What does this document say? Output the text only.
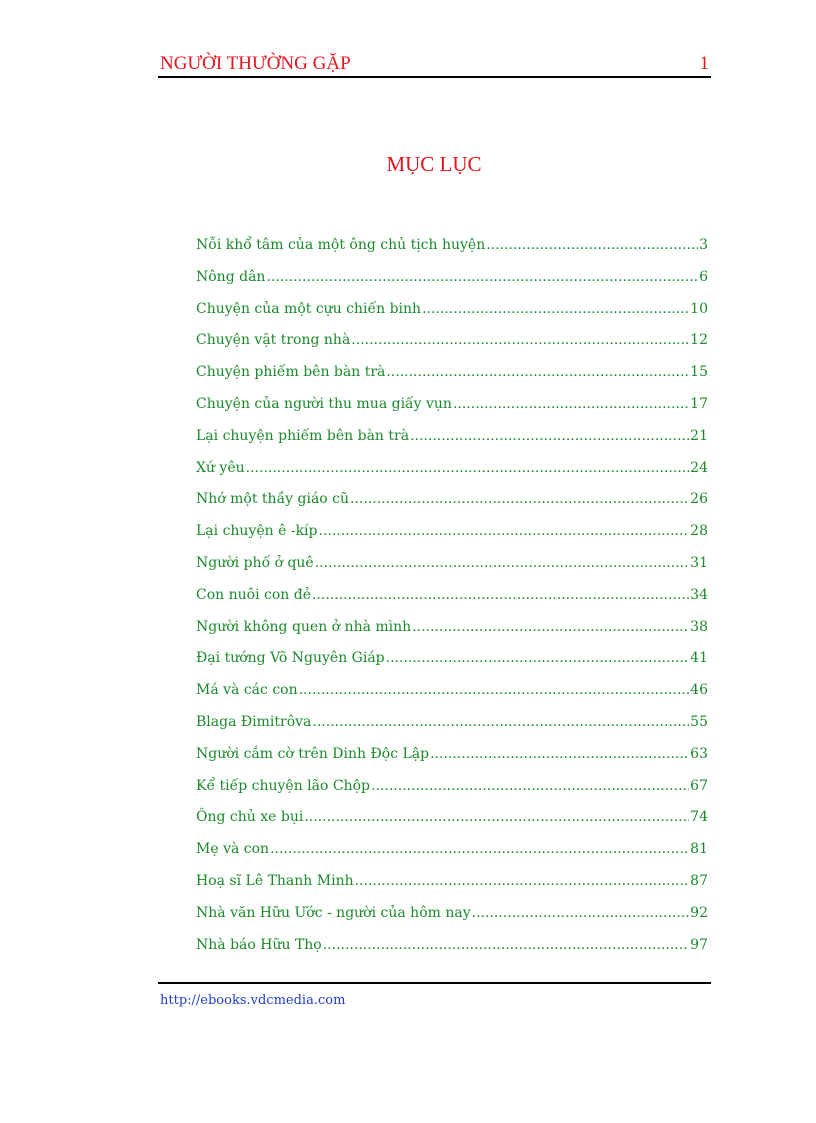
NGƯỜI THƯỜNG GẶP	1
MỤC LỤC
Nỗi khổ tâm của một ông chủ tịch huyện .....	3
Nông dân .....	6
Chuyện của một cựu chiến binh .....	10
Chuyện vặt trong nhà .....	12
Chuyện phiếm bên bàn trà .....	15
Chuyện của người thu mua giấy vụn .....	17
Lại chuyện phiếm bên bàn trà .....	21
Xứ yêu .....	24
Nhớ một thầy giáo cũ .....	26
Lại chuyện ê -kíp .....	28
Người phố ở quê .....	31
Con nuôi con đẻ .....	34
Người không quen ở nhà mình .....	38
Đại tướng Võ Nguyên Giáp .....	41
Má và các con .....	46
Blaga Đimitrôva .....	55
Người cắm cờ trên Dinh Độc Lập .....	63
Kể tiếp chuyện lão Chộp .....	67
Ông chủ xe bụi .....	74
Mẹ và con .....	81
Hoạ sĩ Lê Thanh Minh .....	87
Nhà văn Hữu Ước - người của hôm nay .....	92
Nhà báo Hữu Thọ .....	97
http://ebooks.vdcmedia.com
